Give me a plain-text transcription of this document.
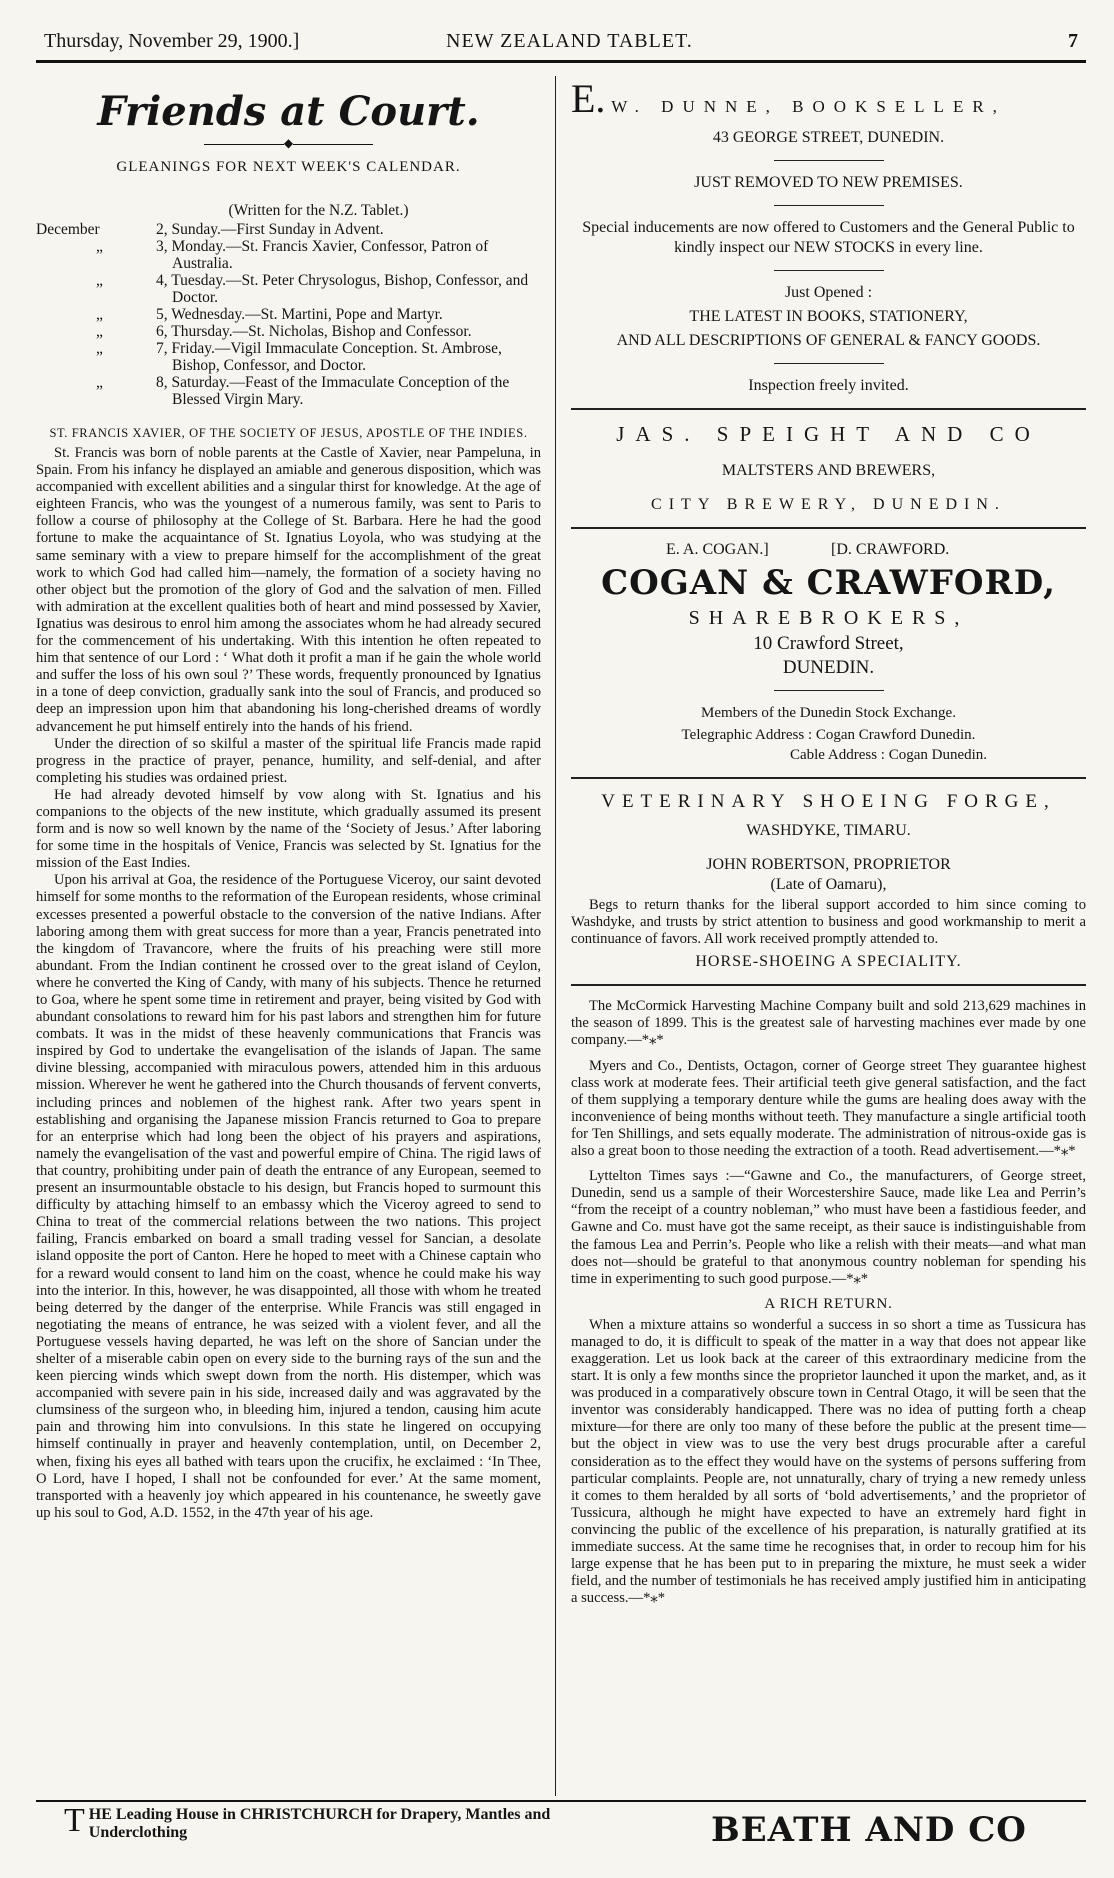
Thursday, November 29, 1900.]	NEW ZEALAND TABLET.	7
Friends at Court.
◆
GLEANINGS FOR NEXT WEEK'S CALENDAR.
(Written for the N.Z. Tablet.)
December	2, Sunday.—First Sunday in Advent.
„	3, Monday.—St. Francis Xavier, Confessor, Patron of Australia.
„	4, Tuesday.—St. Peter Chrysologus, Bishop, Confessor, and Doctor.
„	5, Wednesday.—St. Martini, Pope and Martyr.
„	6, Thursday.—St. Nicholas, Bishop and Confessor.
„	7, Friday.—Vigil Immaculate Conception. St. Ambrose, Bishop, Confessor, and Doctor.
„	8, Saturday.—Feast of the Immaculate Conception of the Blessed Virgin Mary.
ST. FRANCIS XAVIER, OF THE SOCIETY OF JESUS, APOSTLE OF THE INDIES.

St. Francis was born of noble parents at the Castle of Xavier, near Pampeluna, in Spain. From his infancy he displayed an amiable and generous disposition, which was accompanied with excellent abilities and a singular thirst for knowledge. At the age of eighteen Francis, who was the youngest of a numerous family, was sent to Paris to follow a course of philosophy at the College of St. Barbara. Here he had the good fortune to make the acquaintance of St. Ignatius Loyola, who was studying at the same seminary with a view to prepare himself for the accomplishment of the great work to which God had called him—namely, the formation of a society having no other object but the promotion of the glory of God and the salvation of men. Filled with admiration at the excellent qualities both of heart and mind possessed by Xavier, Ignatius was desirous to enrol him among the associates whom he had already secured for the commencement of his undertaking. With this intention he often repeated to him that sentence of our Lord : ‘ What doth it profit a man if he gain the whole world and suffer the loss of his own soul ?’ These words, frequently pronounced by Ignatius in a tone of deep conviction, gradually sank into the soul of Francis, and produced so deep an impression upon him that abandoning his long-cherished dreams of wordly advancement he put himself entirely into the hands of his friend.

Under the direction of so skilful a master of the spiritual life Francis made rapid progress in the practice of prayer, penance, humility, and self-denial, and after completing his studies was ordained priest.

He had already devoted himself by vow along with St. Ignatius and his companions to the objects of the new institute, which gradually assumed its present form and is now so well known by the name of the ‘Society of Jesus.’ After laboring for some time in the hospitals of Venice, Francis was selected by St. Ignatius for the mission of the East Indies.

Upon his arrival at Goa, the residence of the Portuguese Viceroy, our saint devoted himself for some months to the reformation of the European residents, whose criminal excesses presented a powerful obstacle to the conversion of the native Indians. After laboring among them with great success for more than a year, Francis penetrated into the kingdom of Travancore, where the fruits of his preaching were still more abundant. From the Indian continent he crossed over to the great island of Ceylon, where he converted the King of Candy, with many of his subjects. Thence he returned to Goa, where he spent some time in retirement and prayer, being visited by God with abundant consolations to reward him for his past labors and strengthen him for future combats. It was in the midst of these heavenly communications that Francis was inspired by God to undertake the evangelisation of the islands of Japan. The same divine blessing, accompanied with miraculous powers, attended him in this arduous mission. Wherever he went he gathered into the Church thousands of fervent converts, including princes and noblemen of the highest rank. After two years spent in establishing and organising the Japanese mission Francis returned to Goa to prepare for an enterprise which had long been the object of his prayers and aspirations, namely the evangelisation of the vast and powerful empire of China. The rigid laws of that country, prohibiting under pain of death the entrance of any European, seemed to present an insurmountable obstacle to his design, but Francis hoped to surmount this difficulty by attaching himself to an embassy which the Viceroy agreed to send to China to treat of the commercial relations between the two nations. This project failing, Francis embarked on board a small trading vessel for Sancian, a desolate island opposite the port of Canton. Here he hoped to meet with a Chinese captain who for a reward would consent to land him on the coast, whence he could make his way into the interior. In this, however, he was disappointed, all those with whom he treated being deterred by the danger of the enterprise. While Francis was still engaged in negotiating the means of entrance, he was seized with a violent fever, and all the Portuguese vessels having departed, he was left on the shore of Sancian under the shelter of a miserable cabin open on every side to the burning rays of the sun and the keen piercing winds which swept down from the north. His distemper, which was accompanied with severe pain in his side, increased daily and was aggravated by the clumsiness of the surgeon who, in bleeding him, injured a tendon, causing him acute pain and throwing him into convulsions. In this state he lingered on occupying himself continually in prayer and heavenly contemplation, until, on December 2, when, fixing his eyes all bathed with tears upon the crucifix, he exclaimed : ‘In Thee, O Lord, have I hoped, I shall not be confounded for ever.’ At the same moment, transported with a heavenly joy which appeared in his countenance, he sweetly gave up his soul to God, A.D. 1552, in the 47th year of his age.

E. W. DUNNE, BOOKSELLER,
43 GEORGE STREET, DUNEDIN.
JUST REMOVED TO NEW PREMISES.
Special inducements are now offered to Customers and the General Public to kindly inspect our NEW STOCKS in every line.
Just Opened :
THE LATEST IN BOOKS, STATIONERY,
AND ALL DESCRIPTIONS OF GENERAL & FANCY GOODS.
Inspection freely invited.
JAS. SPEIGHT AND CO
MALTSTERS AND BREWERS,
CITY BREWERY, DUNEDIN.
E. A. COGAN.]	[D. CRAWFORD.
COGAN & CRAWFORD,
SHAREBROKERS,
10 Crawford Street,
DUNEDIN.
Members of the Dunedin Stock Exchange.
Telegraphic Address : Cogan Crawford Dunedin.
Cable Address : Cogan Dunedin.
VETERINARY SHOEING FORGE,
WASHDYKE, TIMARU.
JOHN ROBERTSON, PROPRIETOR
(Late of Oamaru),
Begs to return thanks for the liberal support accorded to him since coming to Washdyke, and trusts by strict attention to business and good workmanship to merit a continuance of favors. All work received promptly attended to.
HORSE-SHOEING A SPECIALITY.

The McCormick Harvesting Machine Company built and sold 213,629 machines in the season of 1899. This is the greatest sale of harvesting machines ever made by one company.—*⁎*

Myers and Co., Dentists, Octagon, corner of George street They guarantee highest class work at moderate fees. Their artificial teeth give general satisfaction, and the fact of them supplying a temporary denture while the gums are healing does away with the inconvenience of being months without teeth. They manufacture a single artificial tooth for Ten Shillings, and sets equally moderate. The administration of nitrous-oxide gas is also a great boon to those needing the extraction of a tooth. Read advertisement.—*⁎*

Lyttelton Times says :—“Gawne and Co., the manufacturers, of George street, Dunedin, send us a sample of their Worcestershire Sauce, made like Lea and Perrin’s “from the receipt of a country nobleman,” who must have been a fastidious feeder, and Gawne and Co. must have got the same receipt, as their sauce is indistinguishable from the famous Lea and Perrin’s. People who like a relish with their meats—and what man does not—should be grateful to that anonymous country nobleman for spending his time in experimenting to such good purpose.—*⁎*

A RICH RETURN.

When a mixture attains so wonderful a success in so short a time as Tussicura has managed to do, it is difficult to speak of the matter in a way that does not appear like exaggeration. Let us look back at the career of this extraordinary medicine from the start. It is only a few months since the proprietor launched it upon the market, and, as it was produced in a comparatively obscure town in Central Otago, it will be seen that the inventor was considerably handicapped. There was no idea of putting forth a cheap mixture—for there are only too many of these before the public at the present time—but the object in view was to use the very best drugs procurable after a careful consideration as to the effect they would have on the systems of persons suffering from particular complaints. People are, not unnaturally, chary of trying a new remedy unless it comes to them heralded by all sorts of ‘bold advertisements,’ and the proprietor of Tussicura, although he might have expected to have an extremely hard fight in convincing the public of the excellence of his preparation, is naturally gratified at its immediate success. At the same time he recognises that, in order to recoup him for his large expense that he has been put to in preparing the mixture, he must seek a wider field, and the number of testimonials he has received amply justified him in anticipating a success.—*⁎*

T HE Leading House in CHRISTCHURCH for Drapery, Mantles and Underclothing	BEATH AND CO
